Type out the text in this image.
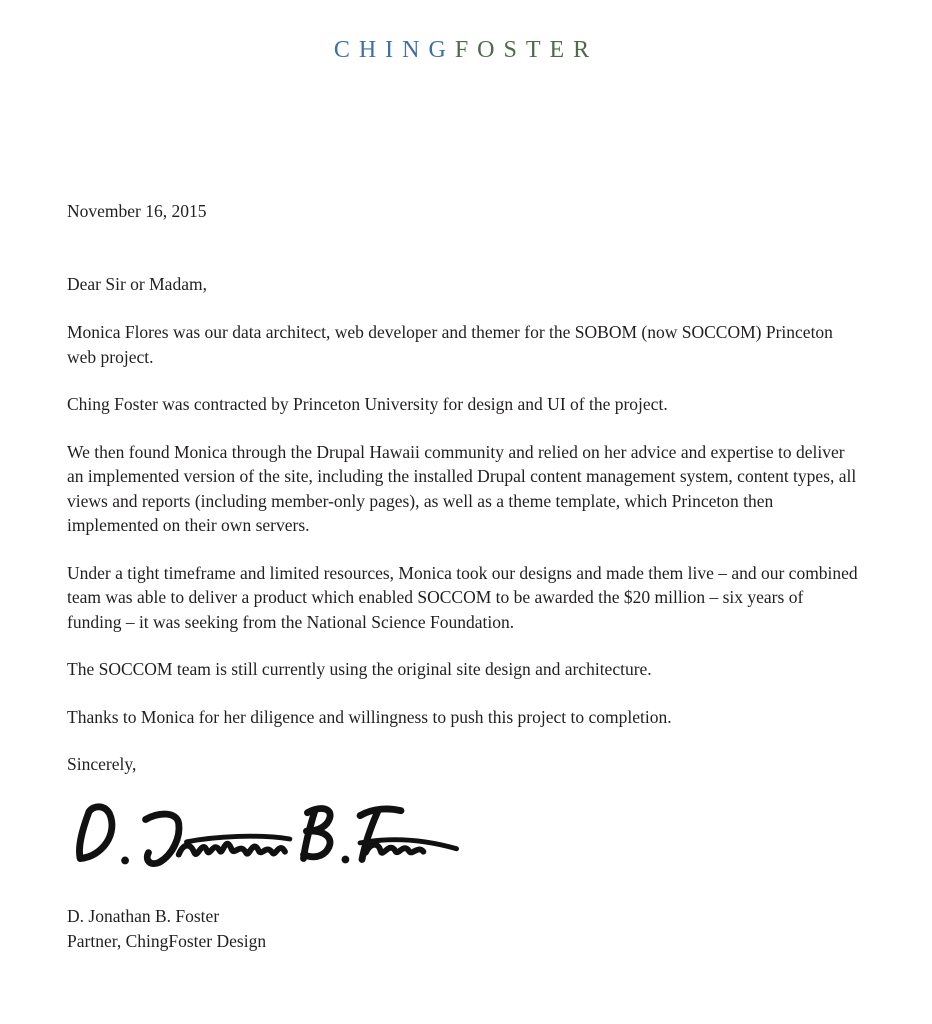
CHINGFOSTER

November 16, 2015

Dear Sir or Madam,

Monica Flores was our data architect, web developer and themer for the SOBOM (now SOCCOM) Princeton web project.

Ching Foster was contracted by Princeton University for design and UI of the project.

We then found Monica through the Drupal Hawaii community and relied on her advice and expertise to deliver an implemented version of the site, including the installed Drupal content management system, content types, all views and reports (including member-only pages), as well as a theme template, which Princeton then implemented on their own servers.

Under a tight timeframe and limited resources, Monica took our designs and made them live – and our combined team was able to deliver a product which enabled SOCCOM to be awarded the $20 million – six years of funding – it was seeking from the National Science Foundation.

The SOCCOM team is still currently using the original site design and architecture.

Thanks to Monica for her diligence and willingness to push this project to completion.

Sincerely,

D. Jonathan B. Foster
Partner, ChingFoster Design
